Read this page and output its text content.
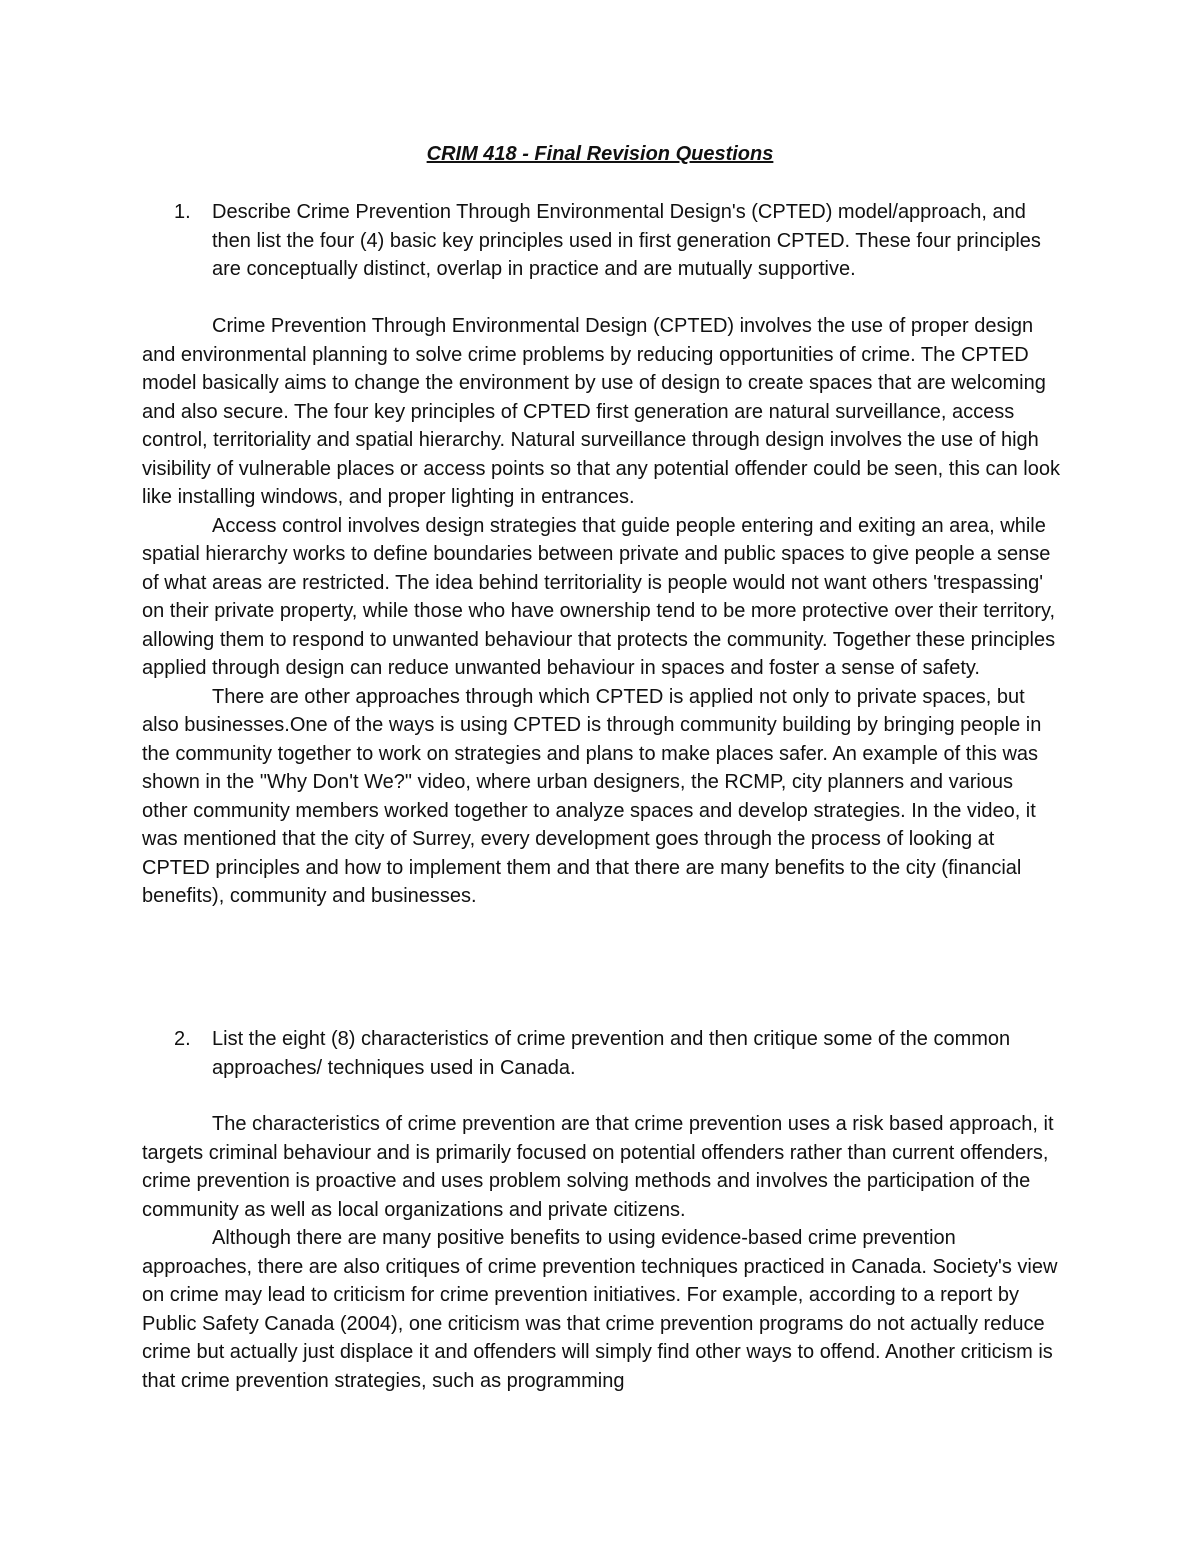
CRIM 418 - Final Revision Questions
1. Describe Crime Prevention Through Environmental Design's (CPTED) model/approach, and then list the four (4) basic key principles used in first generation CPTED. These four principles are conceptually distinct, overlap in practice and are mutually supportive.

Crime Prevention Through Environmental Design (CPTED) involves the use of proper design and environmental planning to solve crime problems by reducing opportunities of crime. The CPTED model basically aims to change the environment by use of design to create spaces that are welcoming and also secure. The four key principles of CPTED first generation are natural surveillance, access control, territoriality and spatial hierarchy. Natural surveillance through design involves the use of high visibility of vulnerable places or access points so that any potential offender could be seen, this can look like installing windows, and proper lighting in entrances.

Access control involves design strategies that guide people entering and exiting an area, while spatial hierarchy works to define boundaries between private and public spaces to give people a sense of what areas are restricted. The idea behind territoriality is people would not want others 'trespassing' on their private property, while those who have ownership tend to be more protective over their territory, allowing them to respond to unwanted behaviour that protects the community. Together these principles applied through design can reduce unwanted behaviour in spaces and foster a sense of safety.

There are other approaches through which CPTED is applied not only to private spaces, but also businesses.One of the ways is using CPTED is through community building by bringing people in the community together to work on strategies and plans to make places safer. An example of this was shown in the "Why Don't We?" video, where urban designers, the RCMP, city planners and various other community members worked together to analyze spaces and develop strategies. In the video, it was mentioned that the city of Surrey, every development goes through the process of looking at CPTED principles and how to implement them and that there are many benefits to the city (financial benefits), community and businesses.

2. List the eight (8) characteristics of crime prevention and then critique some of the common approaches/ techniques used in Canada.

The characteristics of crime prevention are that crime prevention uses a risk based approach, it targets criminal behaviour and is primarily focused on potential offenders rather than current offenders, crime prevention is proactive and uses problem solving methods and involves the participation of the community as well as local organizations and private citizens.

Although there are many positive benefits to using evidence-based crime prevention approaches, there are also critiques of crime prevention techniques practiced in Canada. Society's view on crime may lead to criticism for crime prevention initiatives. For example, according to a report by Public Safety Canada (2004), one criticism was that crime prevention programs do not actually reduce crime but actually just displace it and offenders will simply find other ways to offend. Another criticism is that crime prevention strategies, such as programming
